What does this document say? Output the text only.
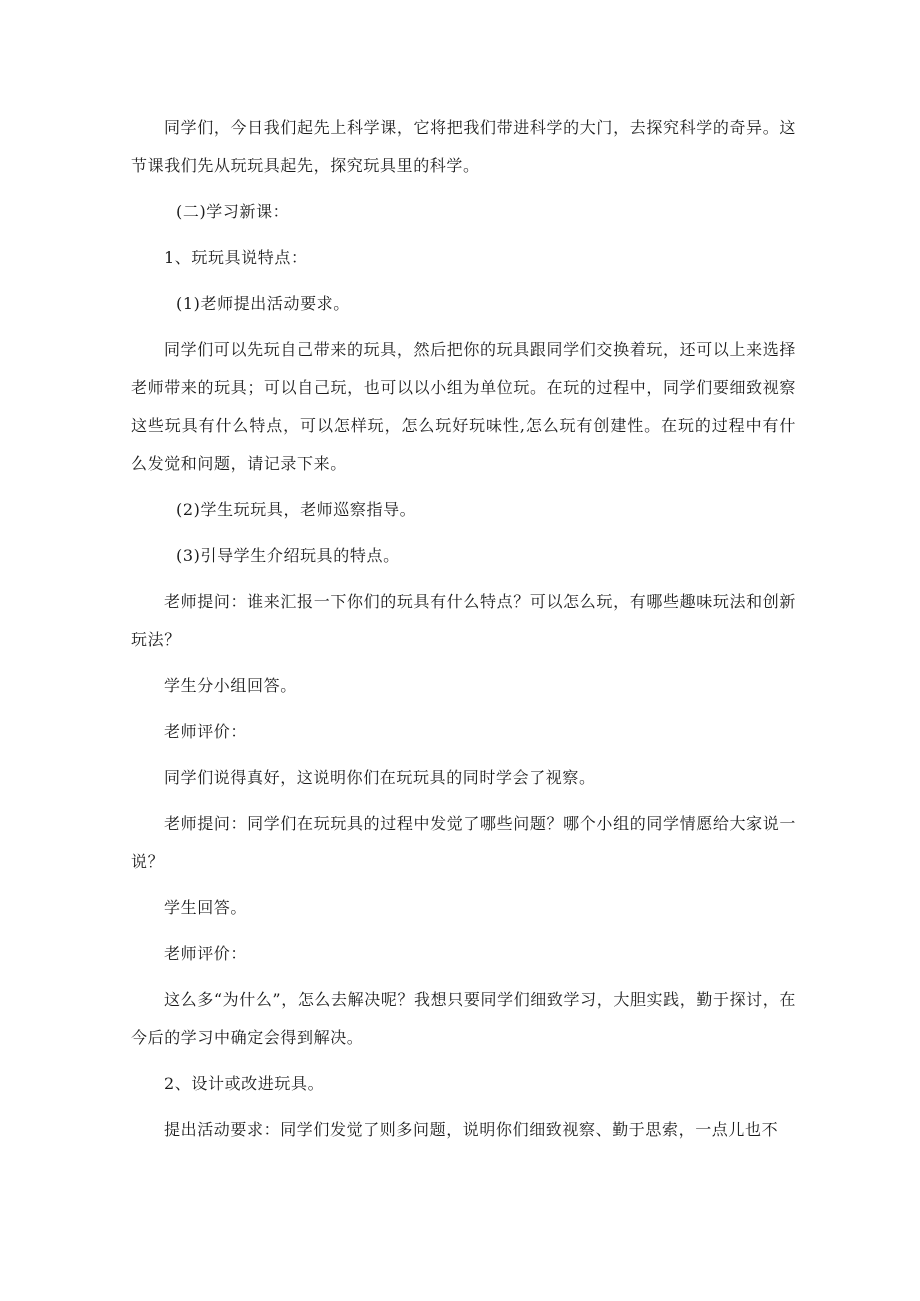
同学们，今日我们起先上科学课，它将把我们带进科学的大门，去探究科学的奇异。这节课我们先从玩玩具起先，探究玩具里的科学。

(二)学习新课：

1、玩玩具说特点：

(1)老师提出活动要求。

同学们可以先玩自己带来的玩具，然后把你的玩具跟同学们交换着玩，还可以上来选择老师带来的玩具；可以自己玩，也可以以小组为单位玩。在玩的过程中，同学们要细致视察这些玩具有什么特点，可以怎样玩，怎么玩好玩味性,怎么玩有创建性。在玩的过程中有什么发觉和问题，请记录下来。

(2)学生玩玩具，老师巡察指导。

(3)引导学生介绍玩具的特点。

老师提问：谁来汇报一下你们的玩具有什么特点？可以怎么玩，有哪些趣味玩法和创新玩法？

学生分小组回答。

老师评价：

同学们说得真好，这说明你们在玩玩具的同时学会了视察。

老师提问：同学们在玩玩具的过程中发觉了哪些问题？哪个小组的同学情愿给大家说一说？

学生回答。

老师评价：

这么多“为什么”，怎么去解决呢？我想只要同学们细致学习，大胆实践，勤于探讨，在今后的学习中确定会得到解决。

2、设计或改进玩具。

提出活动要求：同学们发觉了则多问题，说明你们细致视察、勤于思索，一点儿也不
